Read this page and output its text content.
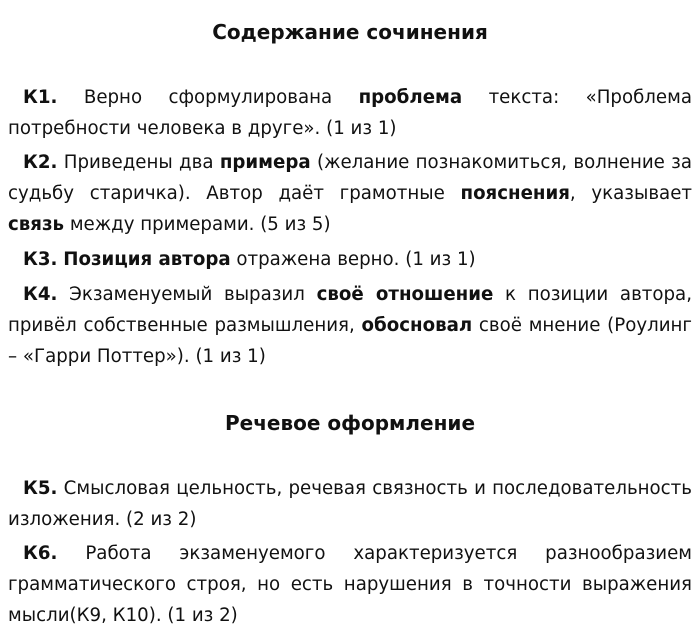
Содержание сочинения

К1. Верно сформулирована проблема текста: «Проблема потребности человека в друге». (1 из 1)

К2. Приведены два примера (желание познакомиться, волнение за судьбу старичка). Автор даёт грамотные пояснения, указывает связь между примерами. (5 из 5)

К3. Позиция автора отражена верно. (1 из 1)

К4. Экзаменуемый выразил своё отношение к позиции автора, привёл собственные размышления, обосновал своё мнение (Роулинг – «Гарри Поттер»). (1 из 1)

Речевое оформление

К5. Смысловая цельность, речевая связность и последовательность изложения. (2 из 2)

К6. Работа экзаменуемого характеризуется разнообразием грамматического строя, но есть нарушения в точности выражения мысли(К9, К10). (1 из 2)
